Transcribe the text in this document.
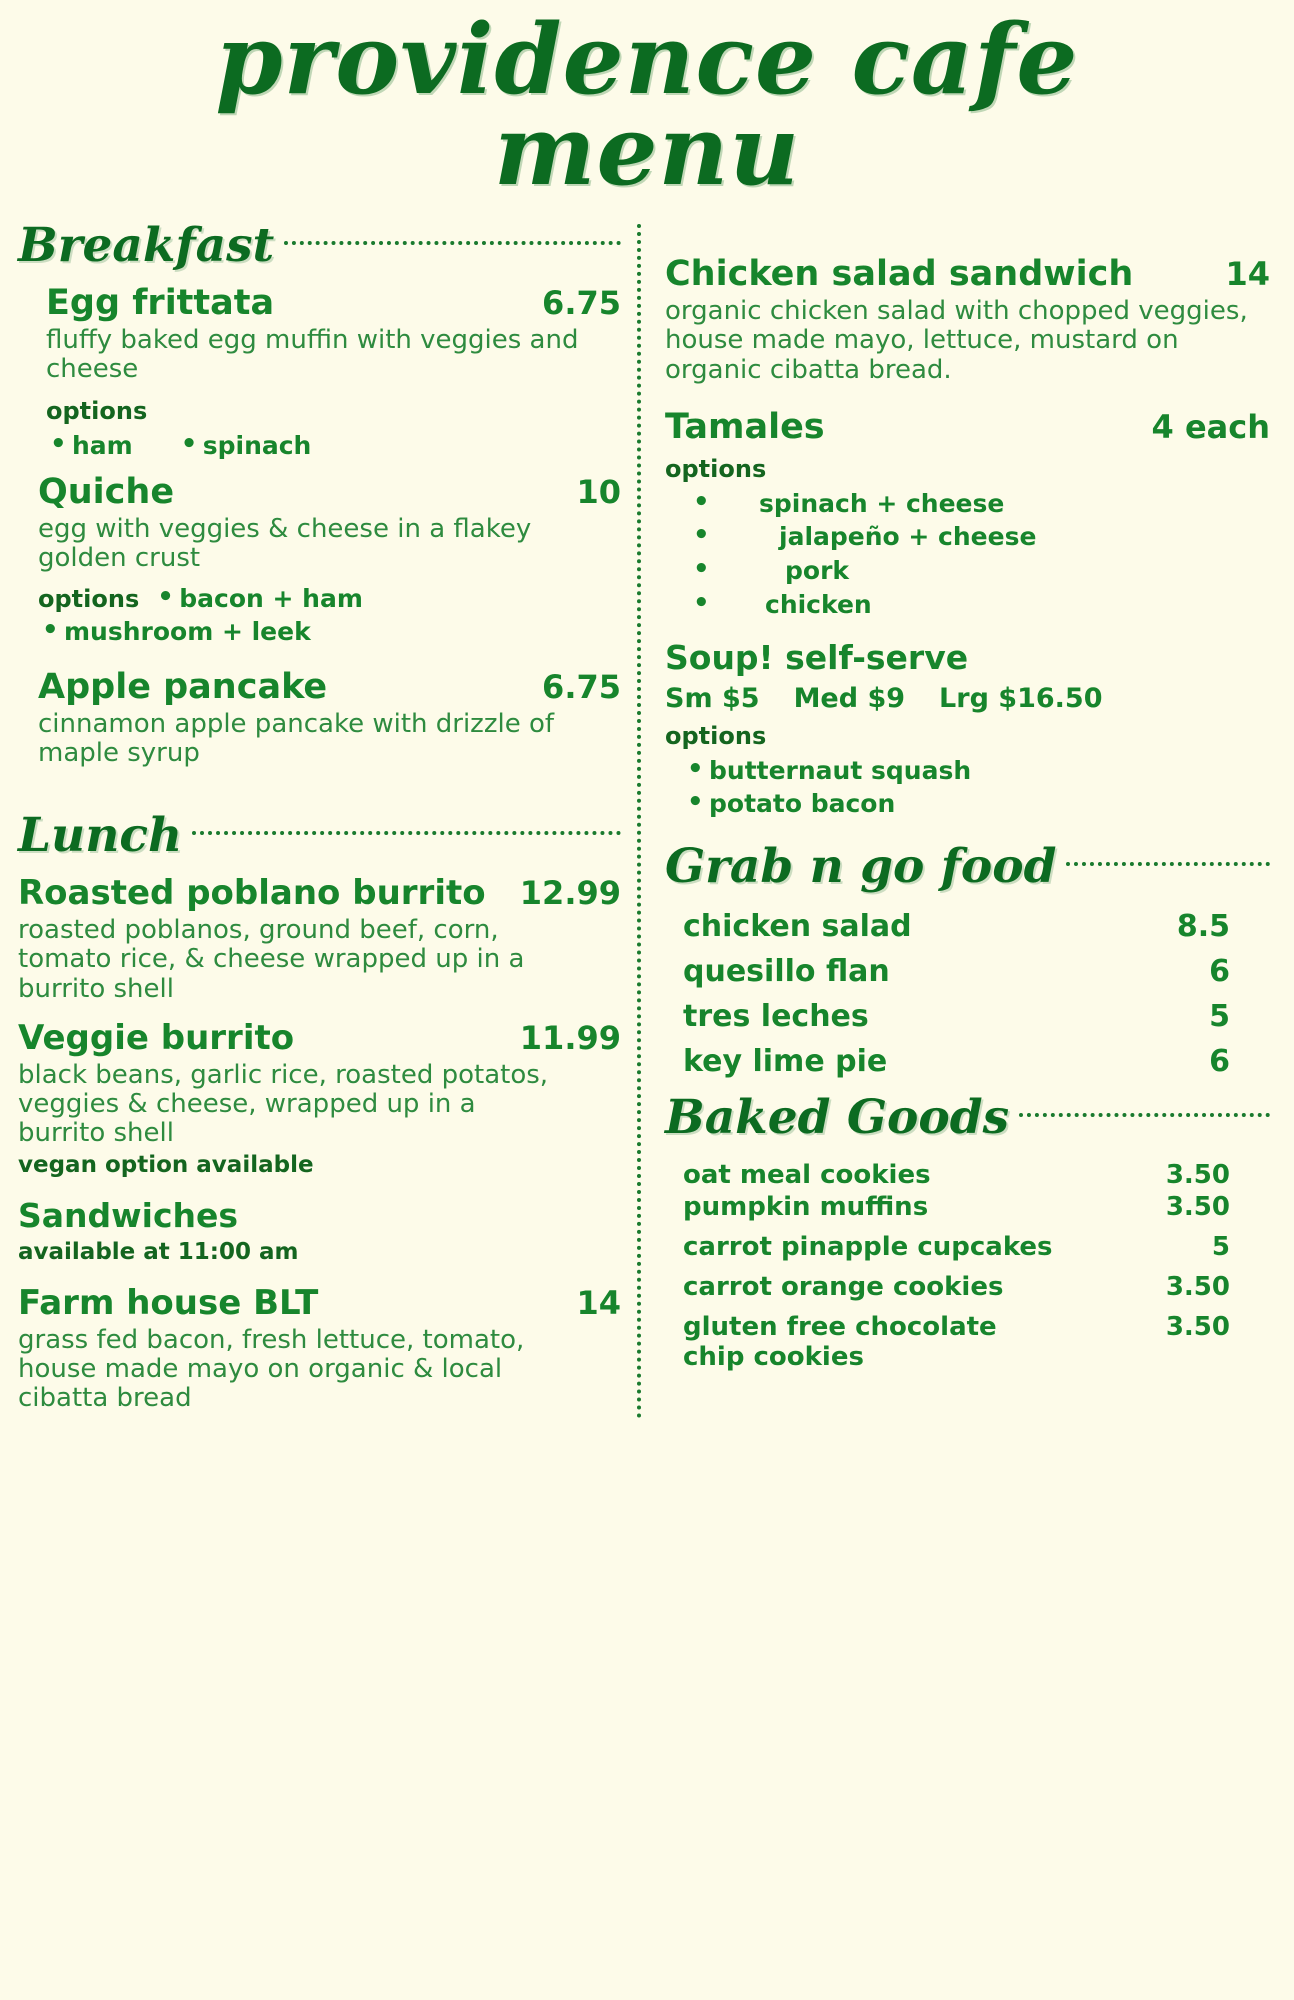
providence cafe
menu
Breakfast
Egg frittata	6.75
fluffy baked egg muffin with veggies and cheese
options
• ham	• spinach
Quiche	10
egg with veggies & cheese in a flakey golden crust
options	• bacon + ham
• mushroom + leek
Apple pancake	6.75
cinnamon apple pancake with drizzle of maple syrup
Lunch
Roasted poblano burrito 12.99
roasted poblanos, ground beef, corn, tomato rice, & cheese wrapped up in a burrito shell
Veggie burrito	11.99
black beans, garlic rice, roasted potatos, veggies & cheese, wrapped up in a burrito shell
vegan option available
Sandwiches
available at 11:00 am
Farm house BLT	14
grass fed bacon, fresh lettuce, tomato, house made mayo on organic & local cibatta bread
Chicken salad sandwich	14
organic chicken salad with chopped veggies, house made mayo, lettuce, mustard on organic cibatta bread.
Tamales	4 each
options
• spinach + cheese
• jalapeño + cheese
• pork
• chicken
Soup! self-serve
Sm $5 Med $9 Lrg $16.50
options
• butternaut squash
• potato bacon
Grab n go food
chicken salad	8.5
quesillo flan	6
tres leches	5
key lime pie	6
Baked Goods
oat meal cookies	3.50
pumpkin muffins	3.50
carrot pinapple cupcakes	5
carrot orange cookies	3.50
gluten free chocolate chip cookies
3.50
